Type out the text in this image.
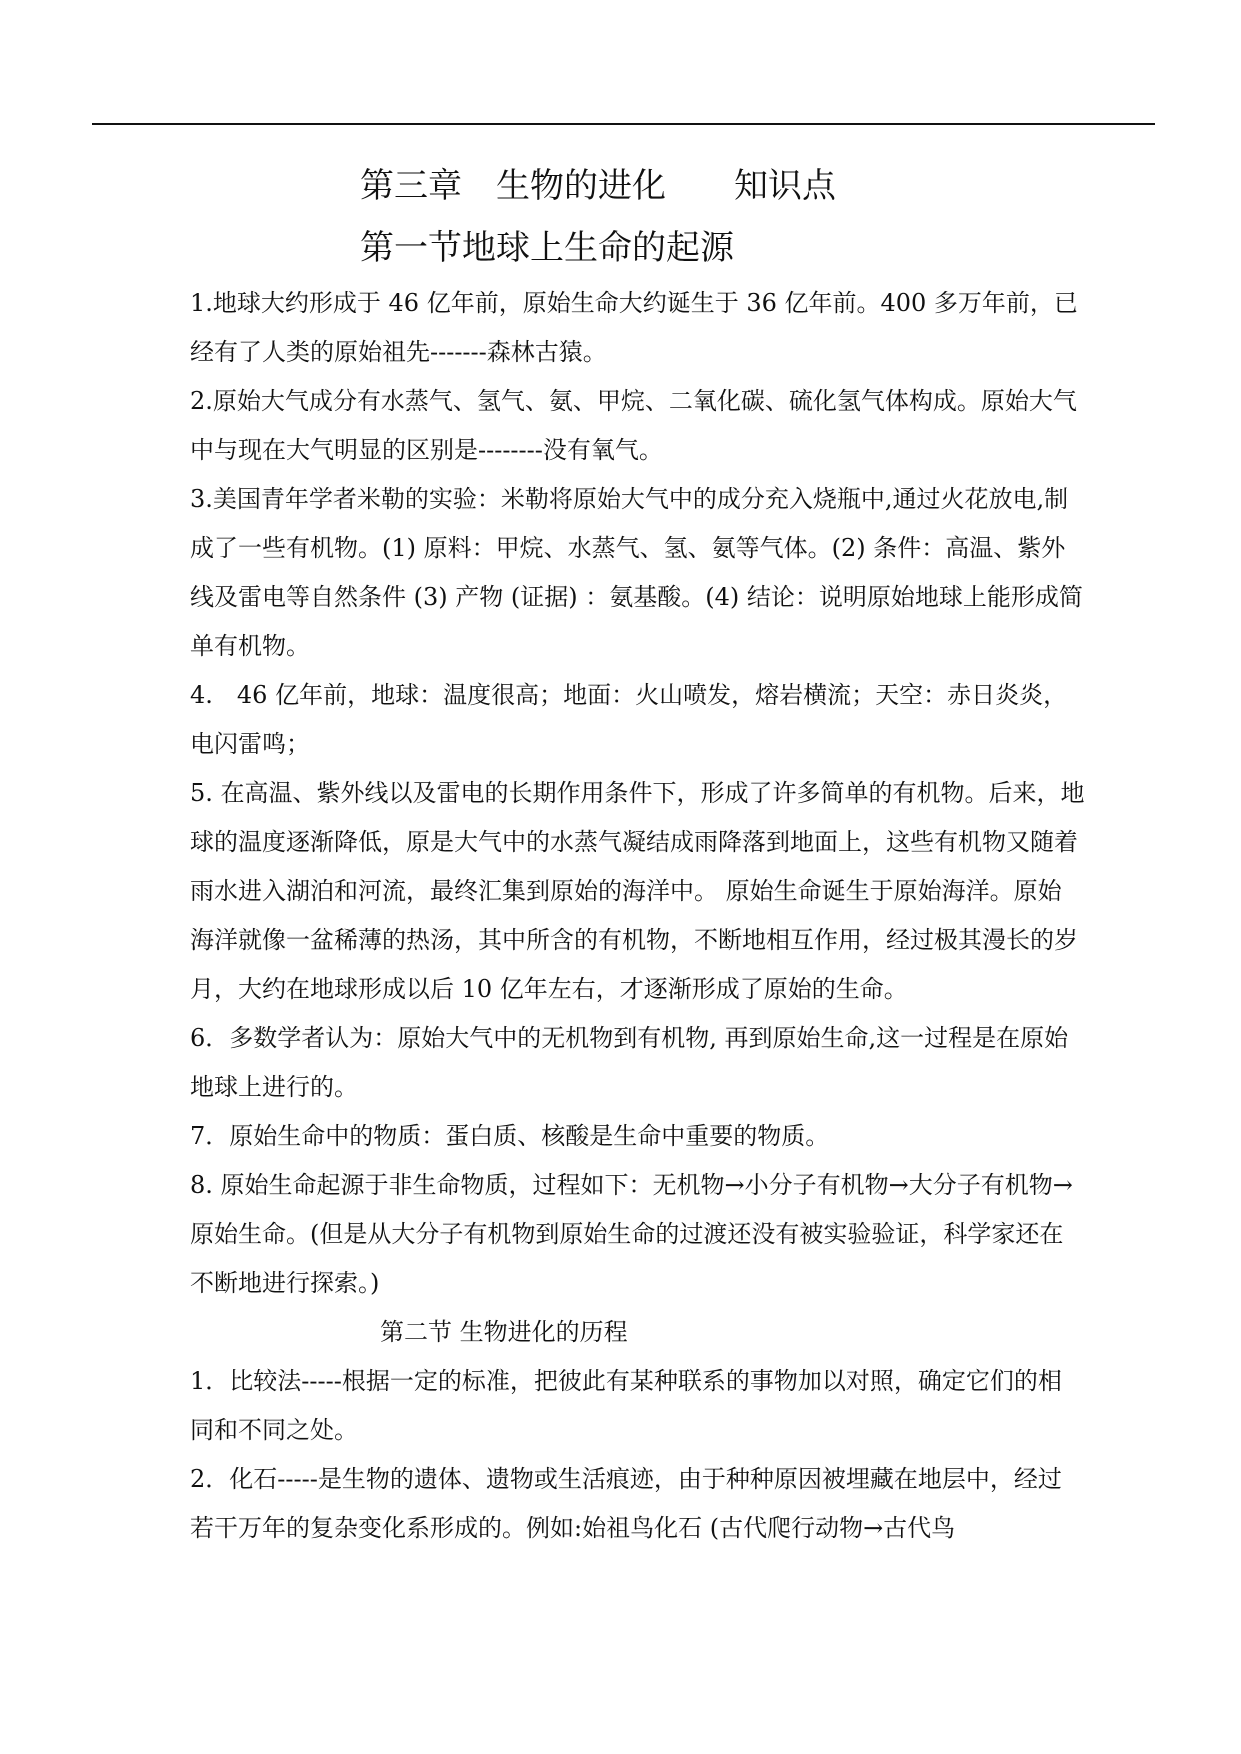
第三章　生物的进化　　知识点
第一节地球上生命的起源

1.地球大约形成于 46 亿年前，原始生命大约诞生于 36 亿年前。400 多万年前，已经有了人类的原始祖先-------森林古猿。

2.原始大气成分有水蒸气、氢气、氨、甲烷、二氧化碳、硫化氢气体构成。原始大气中与现在大气明显的区别是--------没有氧气。

3.美国青年学者米勒的实验：米勒将原始大气中的成分充入烧瓶中,通过火花放电,制成了一些有机物。(1) 原料：甲烷、水蒸气、氢、氨等气体。(2) 条件：高温、紫外线及雷电等自然条件 (3) 产物 (证据) ：氨基酸。(4) 结论：说明原始地球上能形成简单有机物。

4.　46 亿年前，地球：温度很高；地面：火山喷发，熔岩横流；天空：赤日炎炎，电闪雷鸣；

5. 在高温、紫外线以及雷电的长期作用条件下，形成了许多简单的有机物。后来，地球的温度逐渐降低，原是大气中的水蒸气凝结成雨降落到地面上，这些有机物又随着雨水进入湖泊和河流，最终汇集到原始的海洋中。 原始生命诞生于原始海洋。原始海洋就像一盆稀薄的热汤，其中所含的有机物，不断地相互作用，经过极其漫长的岁月，大约在地球形成以后 10 亿年左右，才逐渐形成了原始的生命。

6．多数学者认为：原始大气中的无机物到有机物, 再到原始生命,这一过程是在原始地球上进行的。

7．原始生命中的物质：蛋白质、核酸是生命中重要的物质。

8. 原始生命起源于非生命物质，过程如下：无机物→小分子有机物→大分子有机物→原始生命。(但是从大分子有机物到原始生命的过渡还没有被实验验证，科学家还在不断地进行探索。)

第二节 生物进化的历程

1．比较法-----根据一定的标准，把彼此有某种联系的事物加以对照，确定它们的相同和不同之处。

2．化石-----是生物的遗体、遗物或生活痕迹，由于种种原因被埋藏在地层中，经过若干万年的复杂变化系形成的。例如:始祖鸟化石 (古代爬行动物→古代鸟
